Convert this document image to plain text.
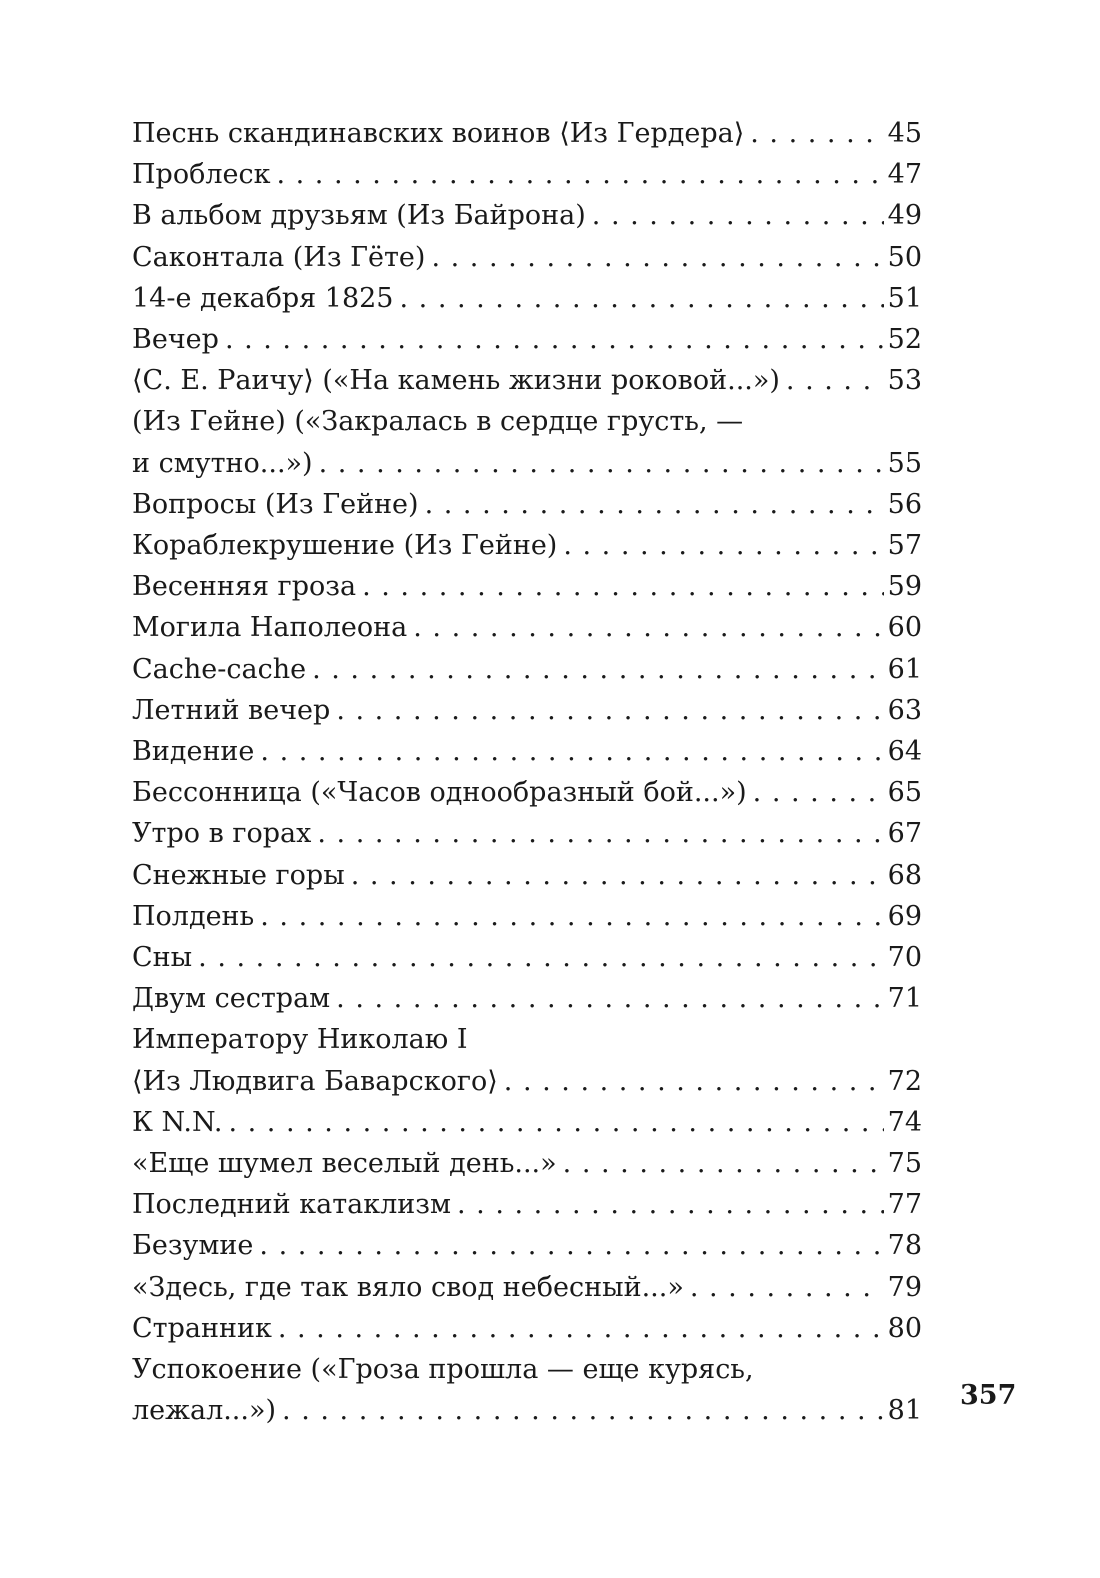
Песнь скандинавских воинов ⟨Из Гердера⟩ . . .	45
Проблеск . . .	47
В альбом друзьям (Из Байрона) . . .	49
Саконтала (Из Гёте) . . .	50
14-е декабря 1825 . . .	51
Вечер . . .	52
⟨С. Е. Раичу⟩ («На камень жизни роковой...») . . .	53
(Из Гейне) («Закралась в сердце грусть, —
и смутно...») . . .	55
Вопросы (Из Гейне) . . .	56
Кораблекрушение (Из Гейне) . . .	57
Весенняя гроза . . .	59
Могила Наполеона . . .	60
Cache-cache . . .	61
Летний вечер . . .	63
Видение . . .	64
Бессонница («Часов однообразный бой...») . . .	65
Утро в горах . . .	67
Снежные горы . . .	68
Полдень . . .	69
Сны . . .	70
Двум сестрам . . .	71
Императору Николаю I
⟨Из Людвига Баварского⟩ . . .	72
К N.N. . . .	74
«Еще шумел веселый день...» . . .	75
Последний катаклизм . . .	77
Безумие . . .	78
«Здесь, где так вяло свод небесный...» . . .	79
Странник . . .	80
Успокоение («Гроза прошла — еще курясь,
лежал...») . . .	81 357
